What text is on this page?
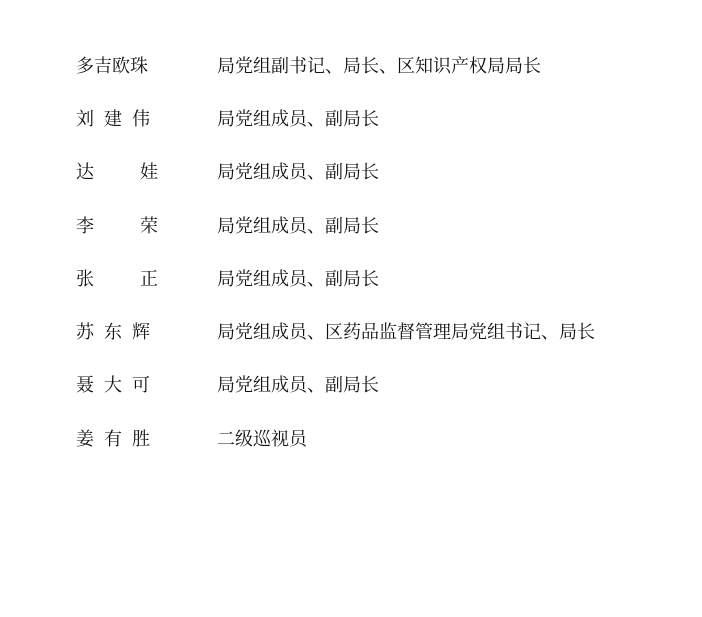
多吉欧珠	局党组副书记、局长、区知识产权局局长
刘建伟	局党组成员、副局长
达娃 局党组成员、副局长
李荣 局党组成员、副局长
张正 局党组成员、副局长
苏东辉	局党组成员、区药品监督管理局党组书记、局长
聂大可	局党组成员、副局长
姜有胜	二级巡视员
